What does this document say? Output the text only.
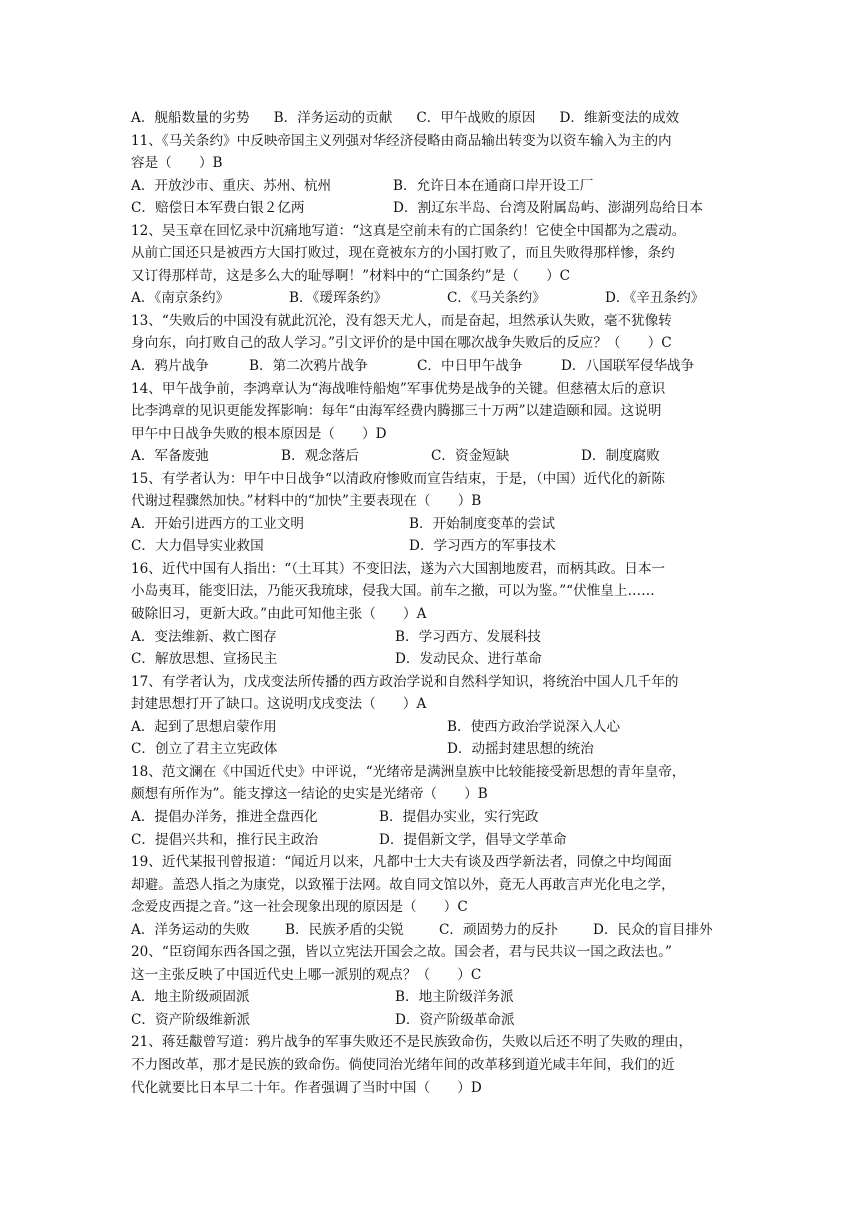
A．舰船数量的劣势 B．洋务运动的贡献 C．甲午战败的原因 D．维新变法的成效
11、《马关条约》中反映帝国主义列强对华经济侵略由商品输出转变为以资车输入为主的内
容是（　　）B
A．开放沙市、重庆、苏州、杭州	B．允许日本在通商口岸开设工厂
C．赔偿日本军费白银２亿两	D．割辽东半岛、台湾及附属岛屿、澎湖列岛给日本
12、吴玉章在回忆录中沉痛地写道：“这真是空前未有的亡国条约！它使全中国都为之震动。
从前亡国还只是被西方大国打败过，现在竟被东方的小国打败了，而且失败得那样惨，条约
又订得那样苛，这是多么大的耻辱啊！”材料中的“亡国条约”是（　　）C
A．《南京条约》	B．《瑷珲条约》	C．《马关条约》	D．《辛丑条约》
13、“失败后的中国没有就此沉沦，没有怨天尤人，而是奋起，坦然承认失败，毫不犹像转
身向东，向打败自己的敌人学习。”引文评价的是中国在哪次战争失败后的反应？（　　）C
A．鸦片战争	B．第二次鸦片战争	C．中日甲午战争	D．八国联军侵华战争
14、甲午战争前，李鸿章认为“海战唯恃船炮”军事优势是战争的关键。但慈禧太后的意识
比李鸿章的见识更能发挥影响：每年“由海军经费内腾挪三十万两”以建造颐和园。这说明
甲午中日战争失败的根本原因是（　　）D
A．军备废弛	B．观念落后	C．资金短缺	D．制度腐败
15、有学者认为：甲午中日战争“以清政府惨败而宣告结束，于是，（中国）近代化的新陈
代谢过程骤然加快。”材料中的“加快”主要表现在（　　）B
A．开始引进西方的工业文明	B．开始制度变革的尝试
C．大力倡导实业救国	D．学习西方的军事技术
16、近代中国有人指出：“（土耳其）不变旧法，遂为六大国割地废君，而柄其政。日本一
小岛夷耳，能变旧法，乃能灭我琉球，侵我大国。前车之撤，可以为鉴。”“伏惟皇上……
破除旧习，更新大政。”由此可知他主张（　　）A
A．变法维新、救亡图存	B．学习西方、发展科技
C．解放思想、宣扬民主	D．发动民众、进行革命
17、有学者认为，戊戌变法所传播的西方政治学说和自然科学知识，将统治中国人几千年的
封建思想打开了缺口。这说明戊戌变法（　　）A
A．起到了思想启蒙作用	B．使西方政治学说深入人心
C．创立了君主立宪政体	D．动摇封建思想的统治
18、范文澜在《中国近代史》中评说，“光绪帝是满洲皇族中比较能接受新思想的青年皇帝，
颇想有所作为”。能支撑这一结论的史实是光绪帝（　　）B
A．提倡办洋务，推进全盘西化	B．提倡办实业，实行宪政
C．提倡兴共和，推行民主政治	D．提倡新文学，倡导文学革命
19、近代某报刊曾报道：“闻近月以来，凡都中士大夫有谈及西学新法者，同僚之中均闻面
却避。盖恐人指之为康党，以致罹于法网。故自同文馆以外，竟无人再敢言声光化电之学，
念爱皮西提之音。”这一社会现象出现的原因是（　　）C
A．洋务运动的失败	B．民族矛盾的尖锐	C．顽固势力的反扑	D．民众的盲目排外
20、“臣窃闻东西各国之强，皆以立宪法开国会之故。国会者，君与民共议一国之政法也。”
这一主张反映了中国近代史上哪一派别的观点？（　　）C
A．地主阶级顽固派	B．地主阶级洋务派
C．资产阶级维新派	D．资产阶级革命派
21、蒋廷黻曾写道：鸦片战争的军事失败还不是民族致命伤，失败以后还不明了失败的理由，
不力图改革，那才是民族的致命伤。倘使同治光绪年间的改革移到道光咸丰年间，我们的近
代化就要比日本早二十年。作者强调了当时中国（　　）D
